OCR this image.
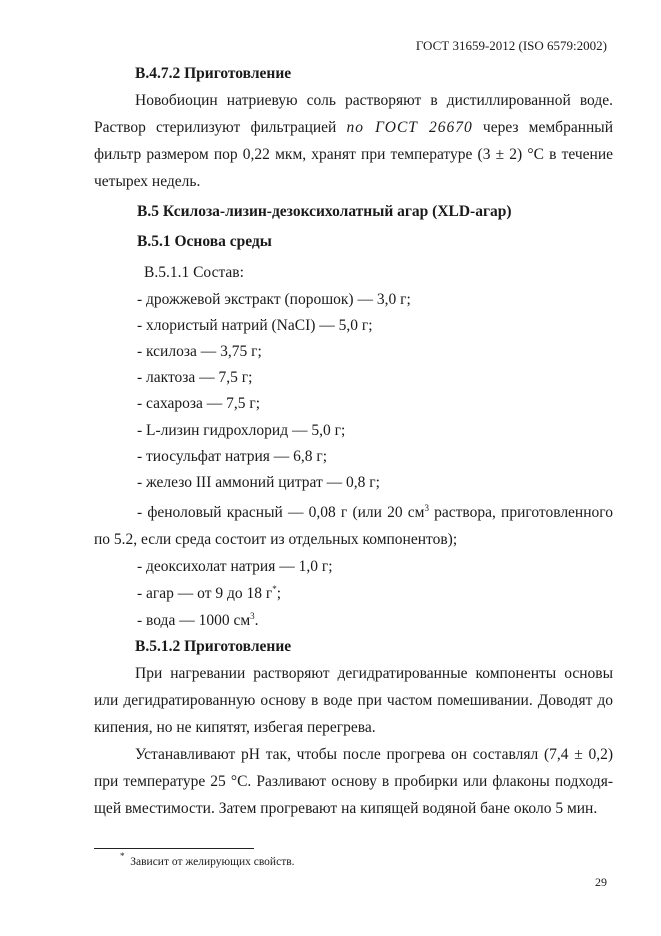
ГОСТ 31659-2012 (ISO 6579:2002)
В.4.7.2 Приготовление
Новобиоцин натриевую соль растворяют в дистиллированной воде.
Раствор стерилизуют фильтрацией по ГОСТ 26670 через мембранный
фильтр размером пор 0,22 мкм, хранят при температуре (3 ± 2) °С в течение
четырех недель.
В.5 Ксилоза-лизин-дезоксихолатный агар (XLD-агар)
В.5.1 Основа среды
В.5.1.1 Состав:
- дрожжевой экстракт (порошок) — 3,0 г;
- хлористый натрий (NaCI) — 5,0 г;
- ксилоза — 3,75 г;
- лактоза — 7,5 г;
- сахароза — 7,5 г;
- L-лизин гидрохлорид — 5,0 г;
- тиосульфат натрия — 6,8 г;
- железо III аммоний цитрат — 0,8 г;
- феноловый красный — 0,08 г (или 20 $см^3$ раствора, приготовленного
по 5.2, если среда состоит из отдельных компонентов);
- деоксихолат натрия — 1,0 г;
- агар — от 9 до 18 г*;
- вода — 1000 $см^3$.
В.5.1.2 Приготовление
При нагревании растворяют дегидратированные компоненты основы
или дегидратированную основу в воде при частом помешивании. Доводят до
кипения, но не кипятят, избегая перегрева.
Устанавливают рН так, чтобы после прогрева он составлял (7,4 ± 0,2)
при температуре 25 °С. Разливают основу в пробирки или флаконы подходя-
щей вместимости. Затем прогревают на кипящей водяной бане около 5 мин.
* Зависит от желирующих свойств.
29
